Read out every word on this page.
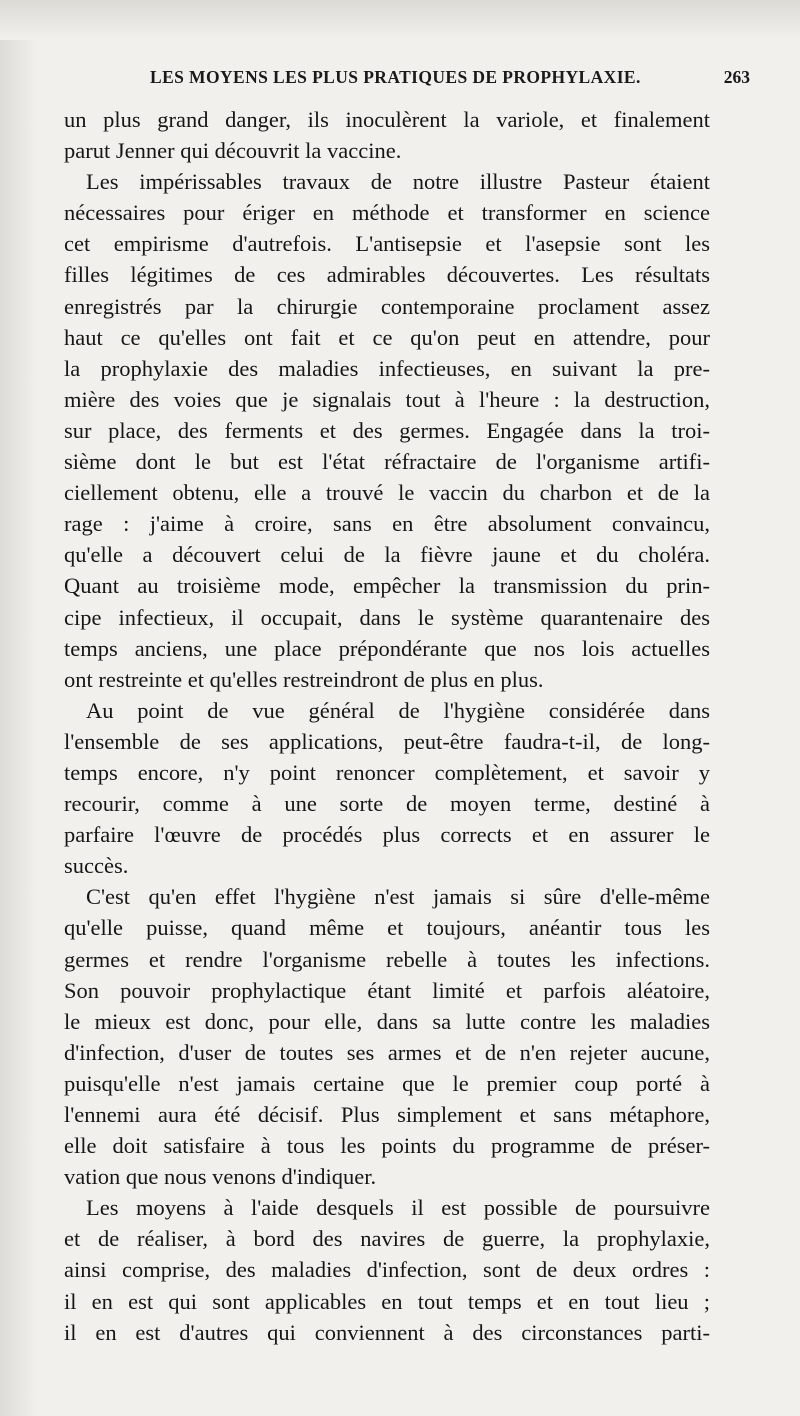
LES MOYENS LES PLUS PRATIQUES DE PROPHYLAXIE.	263
un plus grand danger, ils inoculèrent la variole, et finalement
parut Jenner qui découvrit la vaccine.
Les impérissables travaux de notre illustre Pasteur étaient
nécessaires pour ériger en méthode et transformer en science
cet empirisme d'autrefois. L'antisepsie et l'asepsie sont les
filles légitimes de ces admirables découvertes. Les résultats
enregistrés par la chirurgie contemporaine proclament assez
haut ce qu'elles ont fait et ce qu'on peut en attendre, pour
la prophylaxie des maladies infectieuses, en suivant la pre-
mière des voies que je signalais tout à l'heure : la destruction,
sur place, des ferments et des germes. Engagée dans la troi-
sième dont le but est l'état réfractaire de l'organisme artifi-
ciellement obtenu, elle a trouvé le vaccin du charbon et de la
rage : j'aime à croire, sans en être absolument convaincu,
qu'elle a découvert celui de la fièvre jaune et du choléra.
Quant au troisième mode, empêcher la transmission du prin-
cipe infectieux, il occupait, dans le système quarantenaire des
temps anciens, une place prépondérante que nos lois actuelles
ont restreinte et qu'elles restreindront de plus en plus.
Au point de vue général de l'hygiène considérée dans
l'ensemble de ses applications, peut-être faudra-t-il, de long-
temps encore, n'y point renoncer complètement, et savoir y
recourir, comme à une sorte de moyen terme, destiné à
parfaire l'œuvre de procédés plus corrects et en assurer le
succès.
C'est qu'en effet l'hygiène n'est jamais si sûre d'elle-même
qu'elle puisse, quand même et toujours, anéantir tous les
germes et rendre l'organisme rebelle à toutes les infections.
Son pouvoir prophylactique étant limité et parfois aléatoire,
le mieux est donc, pour elle, dans sa lutte contre les maladies
d'infection, d'user de toutes ses armes et de n'en rejeter aucune,
puisqu'elle n'est jamais certaine que le premier coup porté à
l'ennemi aura été décisif. Plus simplement et sans métaphore,
elle doit satisfaire à tous les points du programme de préser-
vation que nous venons d'indiquer.
Les moyens à l'aide desquels il est possible de poursuivre
et de réaliser, à bord des navires de guerre, la prophylaxie,
ainsi comprise, des maladies d'infection, sont de deux ordres :
il en est qui sont applicables en tout temps et en tout lieu ;
il en est d'autres qui conviennent à des circonstances parti-
